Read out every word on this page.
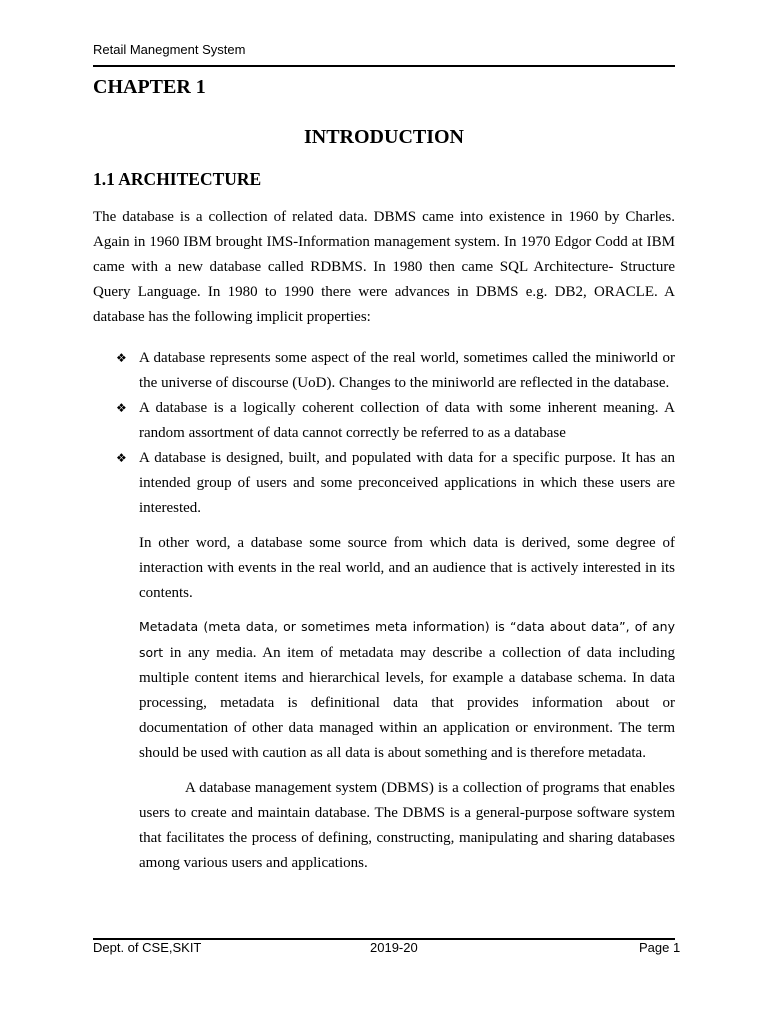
Retail Manegment System
CHAPTER 1
INTRODUCTION
1.1 ARCHITECTURE

The database is a collection of related data. DBMS came into existence in 1960 by Charles. Again in 1960 IBM brought IMS-Information management system. In 1970 Edgor Codd at IBM came with a new database called RDBMS. In 1980 then came SQL Architecture- Structure Query Language. In 1980 to 1990 there were advances in DBMS e.g. DB2, ORACLE. A database has the following implicit properties:

❖ A database represents some aspect of the real world, sometimes called the miniworld or the universe of discourse (UoD). Changes to the miniworld are reflected in the database.
❖ A database is a logically coherent collection of data with some inherent meaning. A random assortment of data cannot correctly be referred to as a database
❖ A database is designed, built, and populated with data for a specific purpose. It has an intended group of users and some preconceived applications in which these users are interested.

In other word, a database some source from which data is derived, some degree of interaction with events in the real world, and an audience that is actively interested in its contents.

Metadata (meta data, or sometimes meta information) is “data about data”, of any sort in any media. An item of metadata may describe a collection of data including multiple content items and hierarchical levels, for example a database schema. In data processing, metadata is definitional data that provides information about or documentation of other data managed within an application or environment. The term should be used with caution as all data is about something and is therefore metadata.

A database management system (DBMS) is a collection of programs that enables users to create and maintain database. The DBMS is a general-purpose software system that facilitates the process of defining, constructing, manipulating and sharing databases among various users and applications.

Dept. of CSE,SKIT	2019-20	Page 1
